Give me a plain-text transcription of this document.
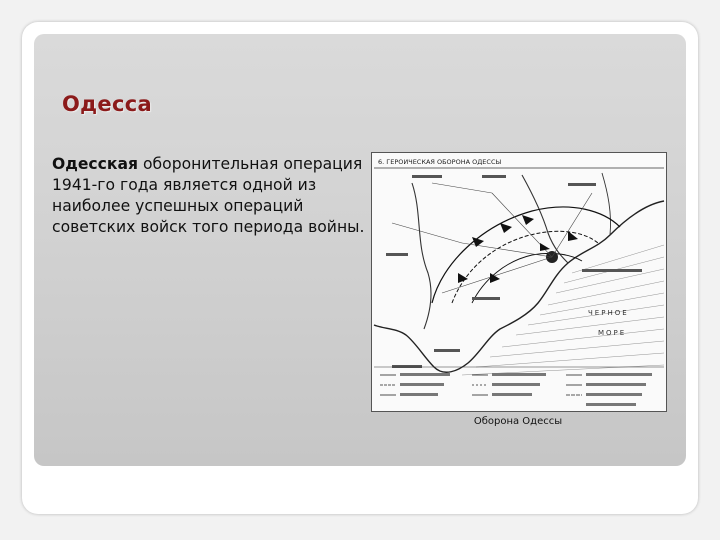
Одесса
Одесская оборонительная операция 1941-го года является одной из наиболее успешных операций советских войск того периода войны.
6. ГЕРОИЧЕСКАЯ ОБОРОНА ОДЕССЫ
ЧЕРНОЕ
МОРЕ
Оборона Одессы
